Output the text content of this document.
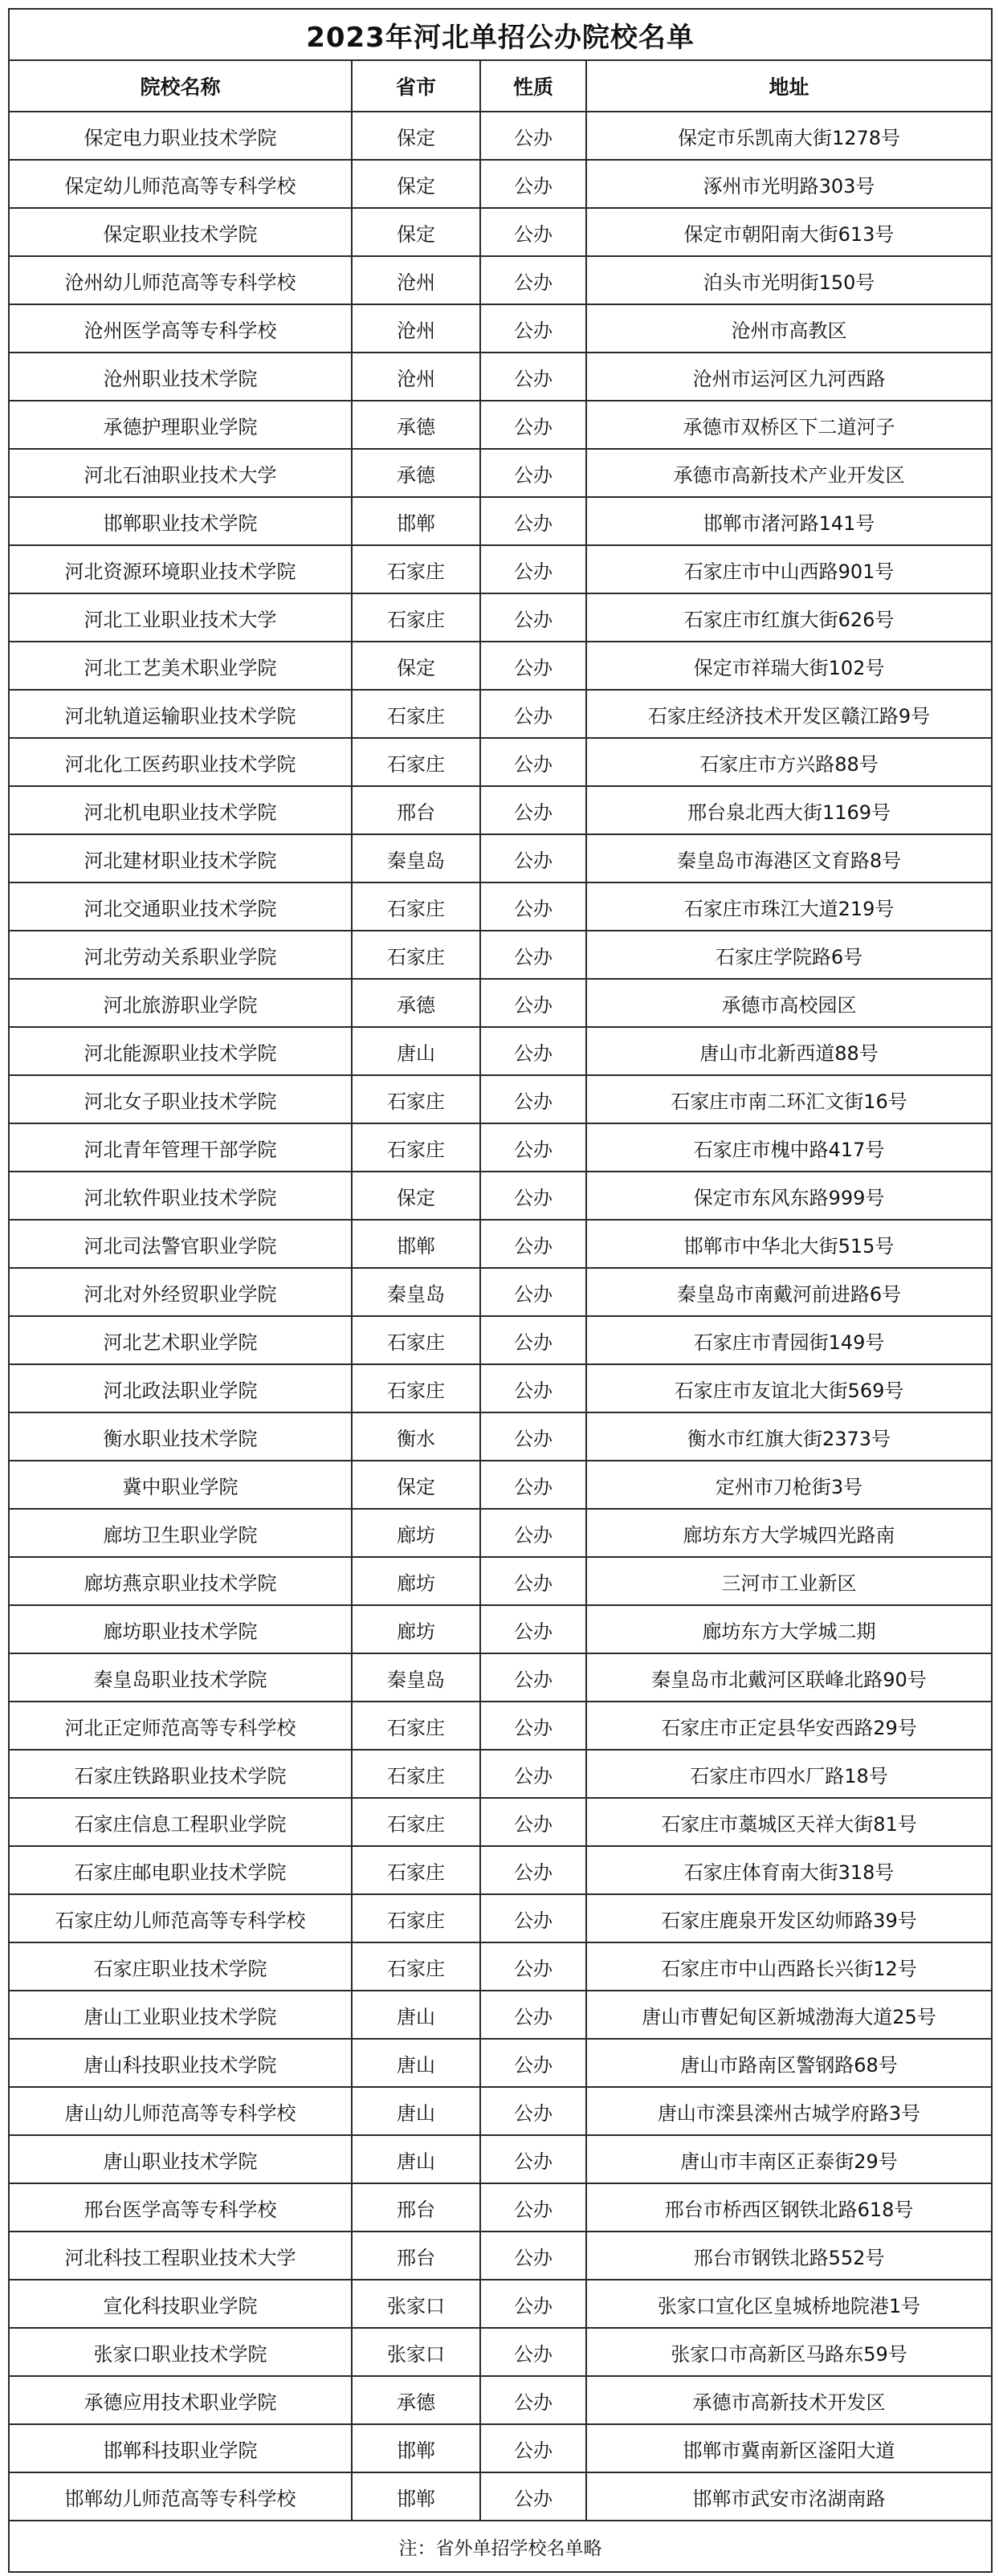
2023年河北单招公办院校名单			
院校名称	省市	性质	地址
保定电力职业技术学院	保定	公办	保定市乐凯南大街1278号
保定幼儿师范高等专科学校	保定	公办	涿州市光明路303号
保定职业技术学院	保定	公办	保定市朝阳南大街613号
沧州幼儿师范高等专科学校	沧州	公办	泊头市光明街150号
沧州医学高等专科学校	沧州	公办	沧州市高教区
沧州职业技术学院	沧州	公办	沧州市运河区九河西路
承德护理职业学院	承德	公办	承德市双桥区下二道河子
河北石油职业技术大学	承德	公办	承德市高新技术产业开发区
邯郸职业技术学院	邯郸	公办	邯郸市渚河路141号
河北资源环境职业技术学院	石家庄	公办	石家庄市中山西路901号
河北工业职业技术大学	石家庄	公办	石家庄市红旗大街626号
河北工艺美术职业学院	保定	公办	保定市祥瑞大街102号
河北轨道运输职业技术学院	石家庄	公办	石家庄经济技术开发区赣江路9号
河北化工医药职业技术学院	石家庄	公办	石家庄市方兴路88号
河北机电职业技术学院	邢台	公办	邢台泉北西大街1169号
河北建材职业技术学院	秦皇岛	公办	秦皇岛市海港区文育路8号
河北交通职业技术学院	石家庄	公办	石家庄市珠江大道219号
河北劳动关系职业学院	石家庄	公办	石家庄学院路6号
河北旅游职业学院	承德	公办	承德市高校园区
河北能源职业技术学院	唐山	公办	唐山市北新西道88号
河北女子职业技术学院	石家庄	公办	石家庄市南二环汇文街16号
河北青年管理干部学院	石家庄	公办	石家庄市槐中路417号
河北软件职业技术学院	保定	公办	保定市东风东路999号
河北司法警官职业学院	邯郸	公办	邯郸市中华北大街515号
河北对外经贸职业学院	秦皇岛	公办	秦皇岛市南戴河前进路6号
河北艺术职业学院	石家庄	公办	石家庄市青园街149号
河北政法职业学院	石家庄	公办	石家庄市友谊北大街569号
衡水职业技术学院	衡水	公办	衡水市红旗大街2373号
冀中职业学院	保定	公办	定州市刀枪街3号
廊坊卫生职业学院	廊坊	公办	廊坊东方大学城四光路南
廊坊燕京职业技术学院	廊坊	公办	三河市工业新区
廊坊职业技术学院	廊坊	公办	廊坊东方大学城二期
秦皇岛职业技术学院	秦皇岛	公办	秦皇岛市北戴河区联峰北路90号
河北正定师范高等专科学校	石家庄	公办	石家庄市正定县华安西路29号
石家庄铁路职业技术学院	石家庄	公办	石家庄市四水厂路18号
石家庄信息工程职业学院	石家庄	公办	石家庄市藁城区天祥大街81号
石家庄邮电职业技术学院	石家庄	公办	石家庄体育南大街318号
石家庄幼儿师范高等专科学校	石家庄	公办	石家庄鹿泉开发区幼师路39号
石家庄职业技术学院	石家庄	公办	石家庄市中山西路长兴街12号
唐山工业职业技术学院	唐山	公办	唐山市曹妃甸区新城渤海大道25号
唐山科技职业技术学院	唐山	公办	唐山市路南区警钢路68号
唐山幼儿师范高等专科学校	唐山	公办	唐山市滦县滦州古城学府路3号
唐山职业技术学院	唐山	公办	唐山市丰南区正泰街29号
邢台医学高等专科学校	邢台	公办	邢台市桥西区钢铁北路618号
河北科技工程职业技术大学	邢台	公办	邢台市钢铁北路552号
宣化科技职业学院	张家口	公办	张家口宣化区皇城桥地院港1号
张家口职业技术学院	张家口	公办	张家口市高新区马路东59号
承德应用技术职业学院	承德	公办	承德市高新技术开发区
邯郸科技职业学院	邯郸	公办	邯郸市冀南新区滏阳大道
邯郸幼儿师范高等专科学校	邯郸	公办	邯郸市武安市洺湖南路
注：省外单招学校名单略			
